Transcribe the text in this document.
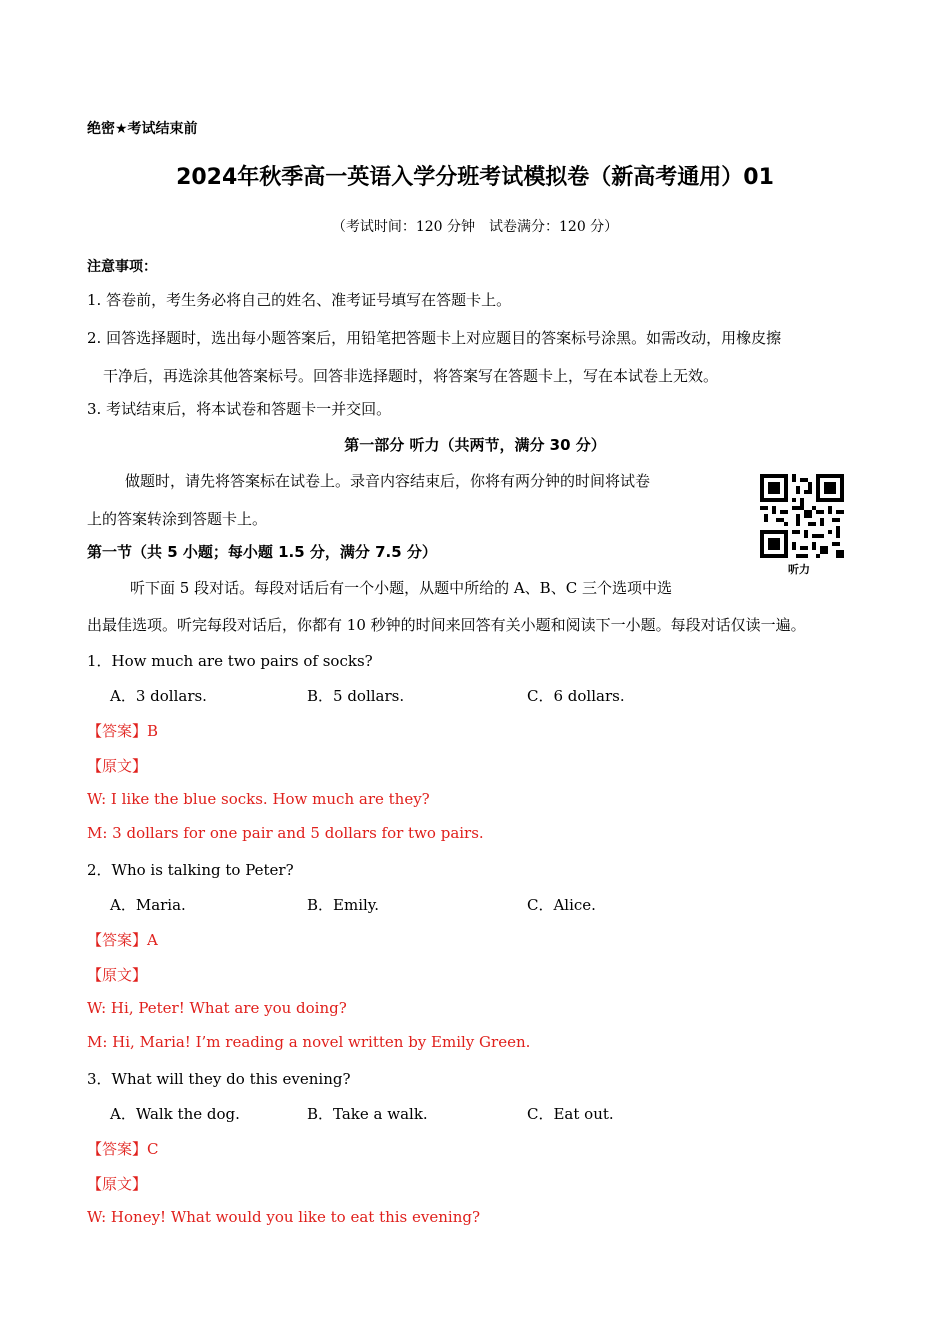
绝密★考试结束前
2024年秋季高一英语入学分班考试模拟卷（新高考通用）01
（考试时间：120 分钟　试卷满分：120 分）
注意事项：
1. 答卷前，考生务必将自己的姓名、准考证号填写在答题卡上。
2. 回答选择题时，选出每小题答案后，用铅笔把答题卡上对应题目的答案标号涂黑。如需改动，用橡皮擦
干净后，再选涂其他答案标号。回答非选择题时，将答案写在答题卡上，写在本试卷上无效。
3. 考试结束后，将本试卷和答题卡一并交回。
第一部分 听力（共两节，满分 30 分）
做题时，请先将答案标在试卷上。录音内容结束后，你将有两分钟的时间将试卷
上的答案转涂到答题卡上。
听力
第一节（共 5 小题；每小题 1.5 分，满分 7.5 分）
听下面 5 段对话。每段对话后有一个小题，从题中所给的 A、B、C 三个选项中选
出最佳选项。听完每段对话后，你都有 10 秒钟的时间来回答有关小题和阅读下一小题。每段对话仅读一遍。
1．How much are two pairs of socks?
A．3 dollars.	B．5 dollars.	C．6 dollars.
【答案】B
【原文】
W: I like the blue socks. How much are they?
M: 3 dollars for one pair and 5 dollars for two pairs.
2．Who is talking to Peter?
A．Maria.	B．Emily.	C．Alice.
【答案】A
【原文】
W: Hi, Peter! What are you doing?
M: Hi, Maria! I’m reading a novel written by Emily Green.
3．What will they do this evening?
A．Walk the dog.	B．Take a walk.	C．Eat out.
【答案】C
【原文】
W: Honey! What would you like to eat this evening?
